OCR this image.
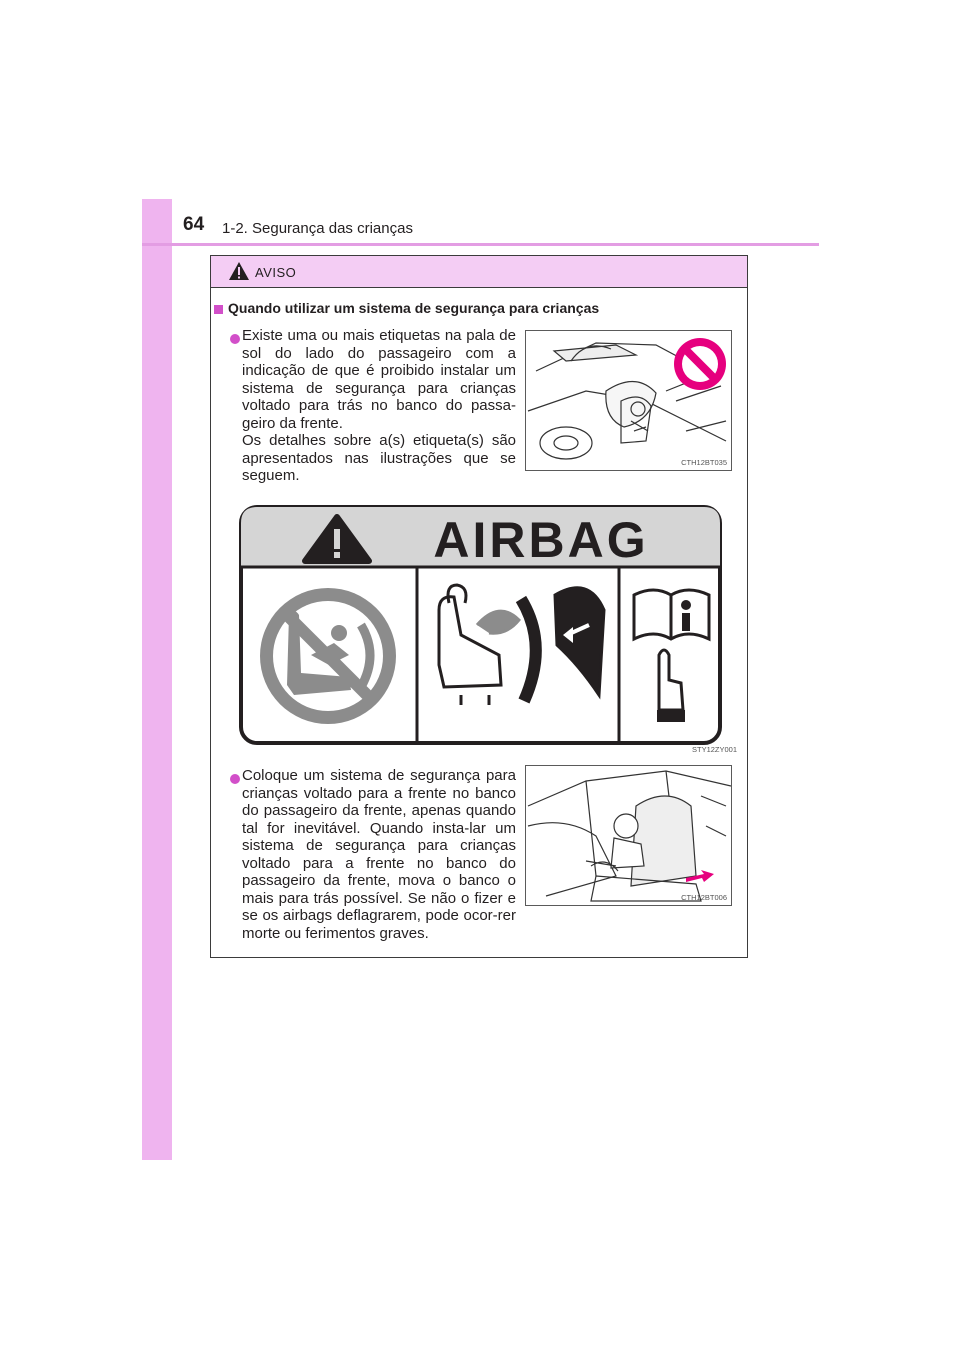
64 1-2. Segurança das crianças
AVISO
Quando utilizar um sistema de segurança para crianças
Existe uma ou mais etiquetas na pala de sol do lado do passageiro com a indicação de que é proibido instalar um sistema de segurança para crianças voltado para trás no banco do passa-geiro da frente.
Os detalhes sobre a(s) etiqueta(s) são apresentados nas ilustrações que se seguem.
CTH12BT035
AIRBAG
STY12ZY001
Coloque um sistema de segurança para crianças voltado para a frente no banco do passageiro da frente, apenas quando tal for inevitável. Quando insta-lar um sistema de segurança para crianças voltado para a frente no banco do passageiro da frente, mova o banco o mais para trás possível. Se não o fizer e se os airbags deflagrarem, pode ocor-rer morte ou ferimentos graves.
CTH12BT006
